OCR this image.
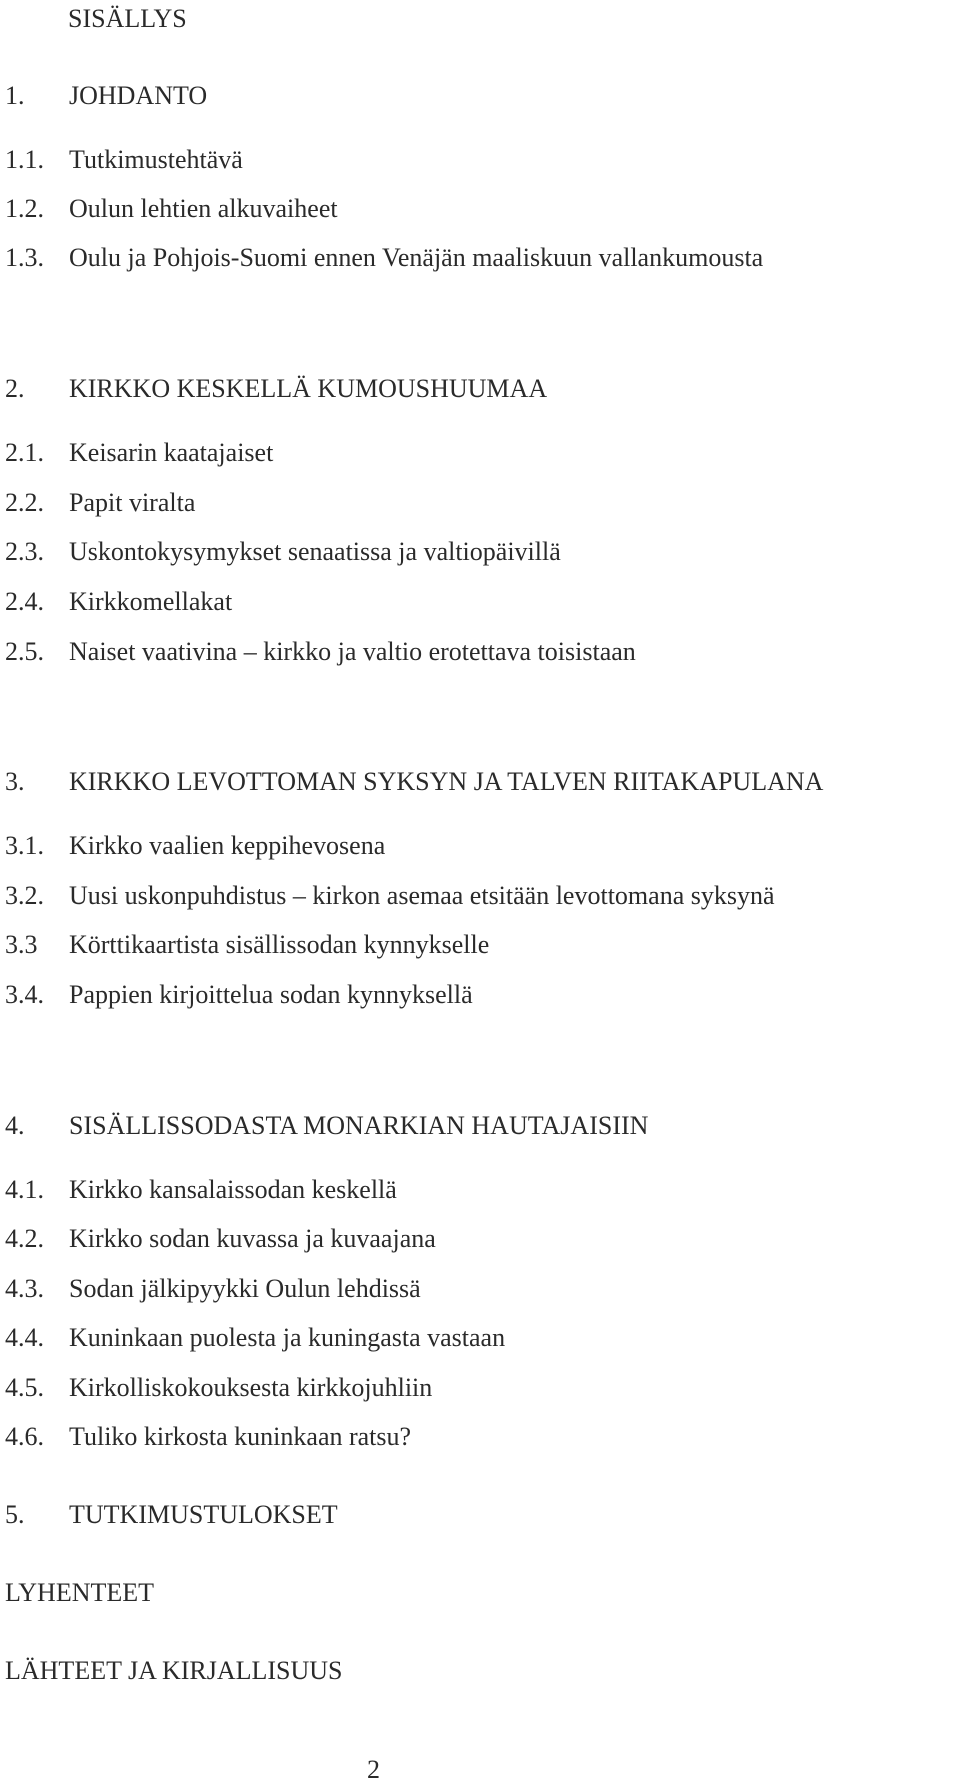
SISÄLLYS
1. JOHDANTO
1.1. Tutkimustehtävä
1.2. Oulun lehtien alkuvaiheet
1.3. Oulu ja Pohjois-Suomi ennen Venäjän maaliskuun vallankumousta
2. KIRKKO KESKELLÄ KUMOUSHUUMAA
2.1. Keisarin kaatajaiset
2.2. Papit viralta
2.3. Uskontokysymykset senaatissa ja valtiopäivillä
2.4. Kirkkomellakat
2.5. Naiset vaativina – kirkko ja valtio erotettava toisistaan
3. KIRKKO LEVOTTOMAN SYKSYN JA TALVEN RIITAKAPULANA
3.1. Kirkko vaalien keppihevosena
3.2. Uusi uskonpuhdistus – kirkon asemaa etsitään levottomana syksynä
3.3 Körttikaartista sisällissodan kynnykselle
3.4. Pappien kirjoittelua sodan kynnyksellä
4. SISÄLLISSODASTA MONARKIAN HAUTAJAISIIN
4.1. Kirkko kansalaissodan keskellä
4.2. Kirkko sodan kuvassa ja kuvaajana
4.3. Sodan jälkipyykki Oulun lehdissä
4.4. Kuninkaan puolesta ja kuningasta vastaan
4.5. Kirkolliskokouksesta kirkkojuhliin
4.6. Tuliko kirkosta kuninkaan ratsu?
5. TUTKIMUSTULOKSET
LYHENTEET
LÄHTEET JA KIRJALLISUUS
2
